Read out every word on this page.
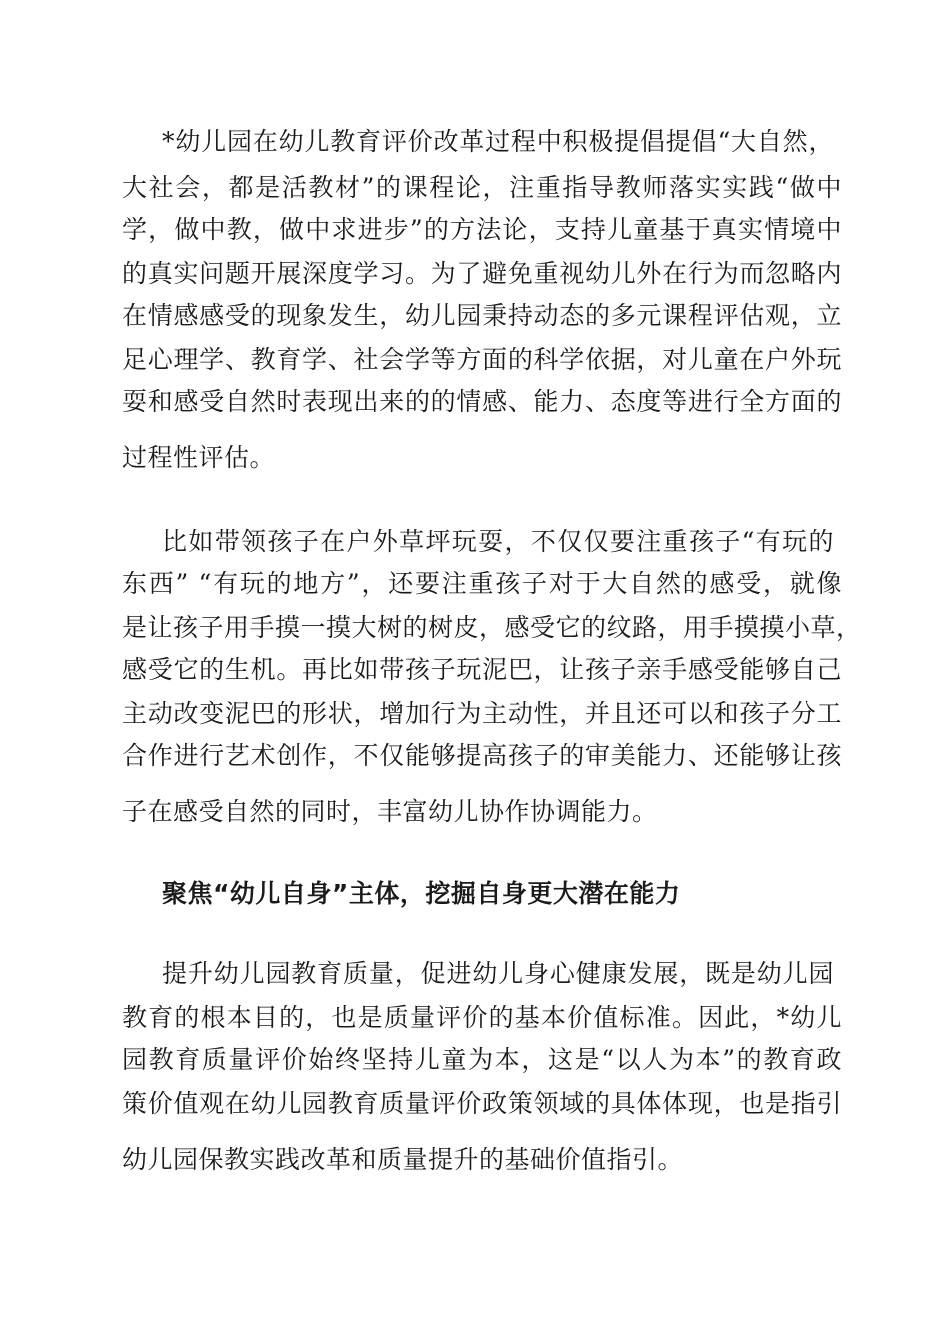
*幼儿园在幼儿教育评价改革过程中积极提倡提倡“大自然，
大社会，都是活教材”的课程论，注重指导教师落实实践“做中
学，做中教，做中求进步”的方法论，支持儿童基于真实情境中
的真实问题开展深度学习。为了避免重视幼儿外在行为而忽略内
在情感感受的现象发生，幼儿园秉持动态的多元课程评估观，立
足心理学、教育学、社会学等方面的科学依据，对儿童在户外玩
耍和感受自然时表现出来的的情感、能力、态度等进行全方面的
过程性评估。
比如带领孩子在户外草坪玩耍，不仅仅要注重孩子“有玩的
东西” “有玩的地方”，还要注重孩子对于大自然的感受，就像
是让孩子用手摸一摸大树的树皮，感受它的纹路，用手摸摸小草，
感受它的生机。再比如带孩子玩泥巴，让孩子亲手感受能够自己
主动改变泥巴的形状，增加行为主动性，并且还可以和孩子分工
合作进行艺术创作，不仅能够提高孩子的审美能力、还能够让孩
子在感受自然的同时，丰富幼儿协作协调能力。
聚焦“幼儿自身”主体，挖掘自身更大潜在能力
提升幼儿园教育质量，促进幼儿身心健康发展，既是幼儿园
教育的根本目的，也是质量评价的基本价值标准。因此，*幼儿
园教育质量评价始终坚持儿童为本，这是“以人为本”的教育政
策价值观在幼儿园教育质量评价政策领域的具体体现，也是指引
幼儿园保教实践改革和质量提升的基础价值指引。
